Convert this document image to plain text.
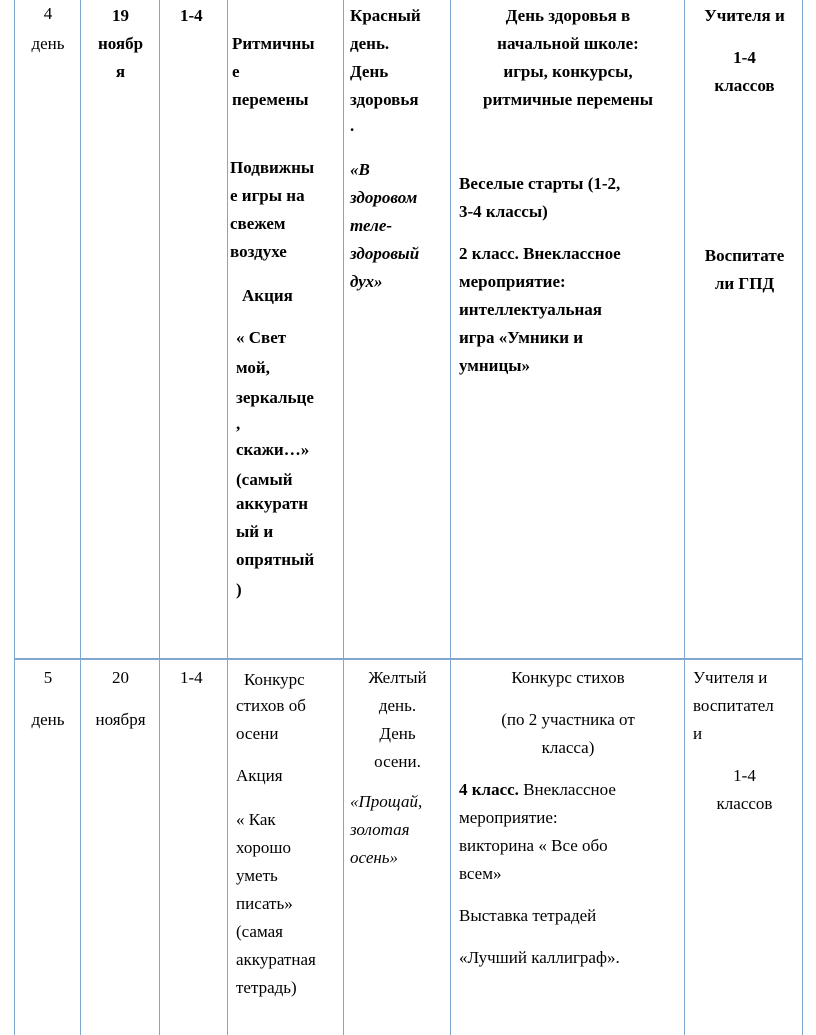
4
день
19
ноябр
я
1-4
Ритмичны
е
перемены
Подвижны
е игры на
свежем
воздухе
Акция
« Свет
мой,
зеркальце
,
скажи…»
(самый
аккуратн
ый и
опрятный
)
Красный
день.
День
здоровья
.
«В
здоровом
теле-
здоровый
дух»
День здоровья в
начальной школе:
игры, конкурсы,
ритмичные перемены
Веселые старты (1-2,
3-4 классы)
2 класс. Внеклассное
мероприятие:
интеллектуальная
игра «Умники и
умницы»
Учителя и
1-4
классов
Воспитате
ли ГПД
5
день
20
ноября
1-4 Конкурс
стихов об
осени
Акция
« Как
хорошо
уметь
писать»
(самая
аккуратная
тетрадь)
Желтый
день.
День
осени.
«Прощай,
золотая
осень»
Конкурс стихов
(по 2 участника от
класса)
4 класс. Внеклассное
мероприятие:
викторина « Все обо
всем»
Выставка тетрадей
«Лучший каллиграф».
Учителя и
воспитател
и
1-4
классов
